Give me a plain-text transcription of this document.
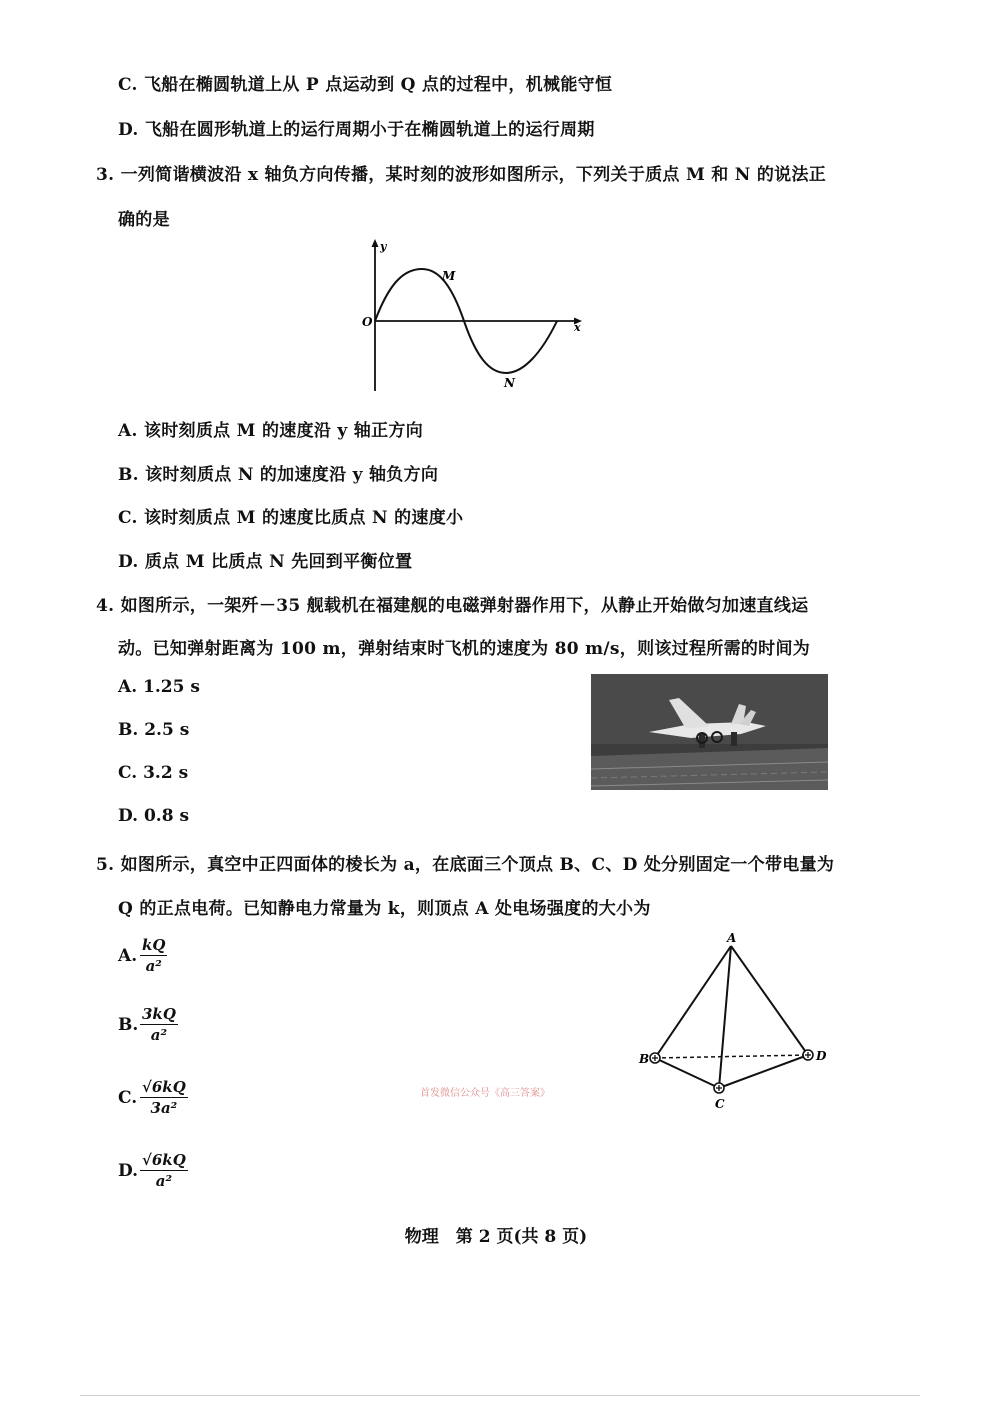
C. 飞船在椭圆轨道上从 P 点运动到 Q 点的过程中，机械能守恒
D. 飞船在圆形轨道上的运行周期小于在椭圆轨道上的运行周期
3. 一列简谐横波沿 x 轴负方向传播，某时刻的波形如图所示，下列关于质点 M 和 N 的说法正
确的是
y
x
O
M
N
A. 该时刻质点 M 的速度沿 y 轴正方向
B. 该时刻质点 N 的加速度沿 y 轴负方向
C. 该时刻质点 M 的速度比质点 N 的速度小
D. 质点 M 比质点 N 先回到平衡位置
4. 如图所示，一架歼－35 舰载机在福建舰的电磁弹射器作用下，从静止开始做匀加速直线运
动。已知弹射距离为 100 m，弹射结束时飞机的速度为 80 m/s，则该过程所需的时间为
A. 1.25 s
B. 2.5 s
C. 3.2 s
D. 0.8 s
5. 如图所示，真空中正四面体的棱长为 a，在底面三个顶点 B、C、D 处分别固定一个带电量为
Q 的正点电荷。已知静电力常量为 k，则顶点 A 处电场强度的大小为
A. $\frac{kQ}{\text{a²}}$
B. $\frac{3kQ}{\text{a²}}$
C. $\frac{√6kQ}{\text{3a²}}$
D. $\frac{√6kQ}{\text{a²}}$
A
B
C
D
首发微信公众号《高三答案》
物理　第 2 页(共 8 页)
